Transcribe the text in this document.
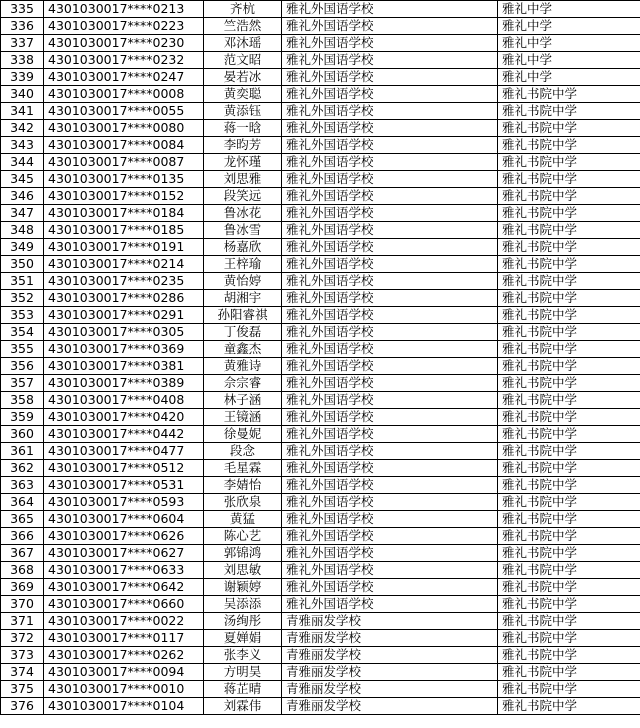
335	4301030017****0213	齐杭	雅礼外国语学校	雅礼中学
336	4301030017****0223	竺浩然	雅礼外国语学校	雅礼中学
337	4301030017****0230	邓沐瑶	雅礼外国语学校	雅礼中学
338	4301030017****0232	范文昭	雅礼外国语学校	雅礼中学
339	4301030017****0247	晏若冰	雅礼外国语学校	雅礼中学
340	4301030017****0008	黄奕聪	雅礼外国语学校	雅礼书院中学
341	4301030017****0055	黄添钰	雅礼外国语学校	雅礼书院中学
342	4301030017****0080	蒋一晗	雅礼外国语学校	雅礼书院中学
343	4301030017****0084	李昀芳	雅礼外国语学校	雅礼书院中学
344	4301030017****0087	龙怀瑾	雅礼外国语学校	雅礼书院中学
345	4301030017****0135	刘思雅	雅礼外国语学校	雅礼书院中学
346	4301030017****0152	段笑远	雅礼外国语学校	雅礼书院中学
347	4301030017****0184	鲁冰花	雅礼外国语学校	雅礼书院中学
348	4301030017****0185	鲁冰雪	雅礼外国语学校	雅礼书院中学
349	4301030017****0191	杨嘉欣	雅礼外国语学校	雅礼书院中学
350	4301030017****0214	王梓瑜	雅礼外国语学校	雅礼书院中学
351	4301030017****0235	黄怡婷	雅礼外国语学校	雅礼书院中学
352	4301030017****0286	胡湘宇	雅礼外国语学校	雅礼书院中学
353	4301030017****0291	孙阳睿祺	雅礼外国语学校	雅礼书院中学
354	4301030017****0305	丁俊磊	雅礼外国语学校	雅礼书院中学
355	4301030017****0369	童鑫杰	雅礼外国语学校	雅礼书院中学
356	4301030017****0381	黄雅诗	雅礼外国语学校	雅礼书院中学
357	4301030017****0389	佘宗睿	雅礼外国语学校	雅礼书院中学
358	4301030017****0408	林子涵	雅礼外国语学校	雅礼书院中学
359	4301030017****0420	王镜涵	雅礼外国语学校	雅礼书院中学
360	4301030017****0442	徐曼妮	雅礼外国语学校	雅礼书院中学
361	4301030017****0477	段念	雅礼外国语学校	雅礼书院中学
362	4301030017****0512	毛星霖	雅礼外国语学校	雅礼书院中学
363	4301030017****0531	李婧怡	雅礼外国语学校	雅礼书院中学
364	4301030017****0593	张欣泉	雅礼外国语学校	雅礼书院中学
365	4301030017****0604	黄猛	雅礼外国语学校	雅礼书院中学
366	4301030017****0626	陈心艺	雅礼外国语学校	雅礼书院中学
367	4301030017****0627	郭锦鸿	雅礼外国语学校	雅礼书院中学
368	4301030017****0633	刘思敏	雅礼外国语学校	雅礼书院中学
369	4301030017****0642	谢颖婷	雅礼外国语学校	雅礼书院中学
370	4301030017****0660	吴添添	雅礼外国语学校	雅礼书院中学
371	4301030017****0022	汤绚彤	青雅丽发学校	雅礼书院中学
372	4301030017****0117	夏婵娟	青雅丽发学校	雅礼书院中学
373	4301030017****0262	张李义	青雅丽发学校	雅礼书院中学
374	4301030017****0094	方明昊	青雅丽发学校	雅礼书院中学
375	4301030017****0010	蒋芷晴	青雅丽发学校	雅礼书院中学
376	4301030017****0104	刘霖伟	青雅丽发学校	雅礼书院中学
